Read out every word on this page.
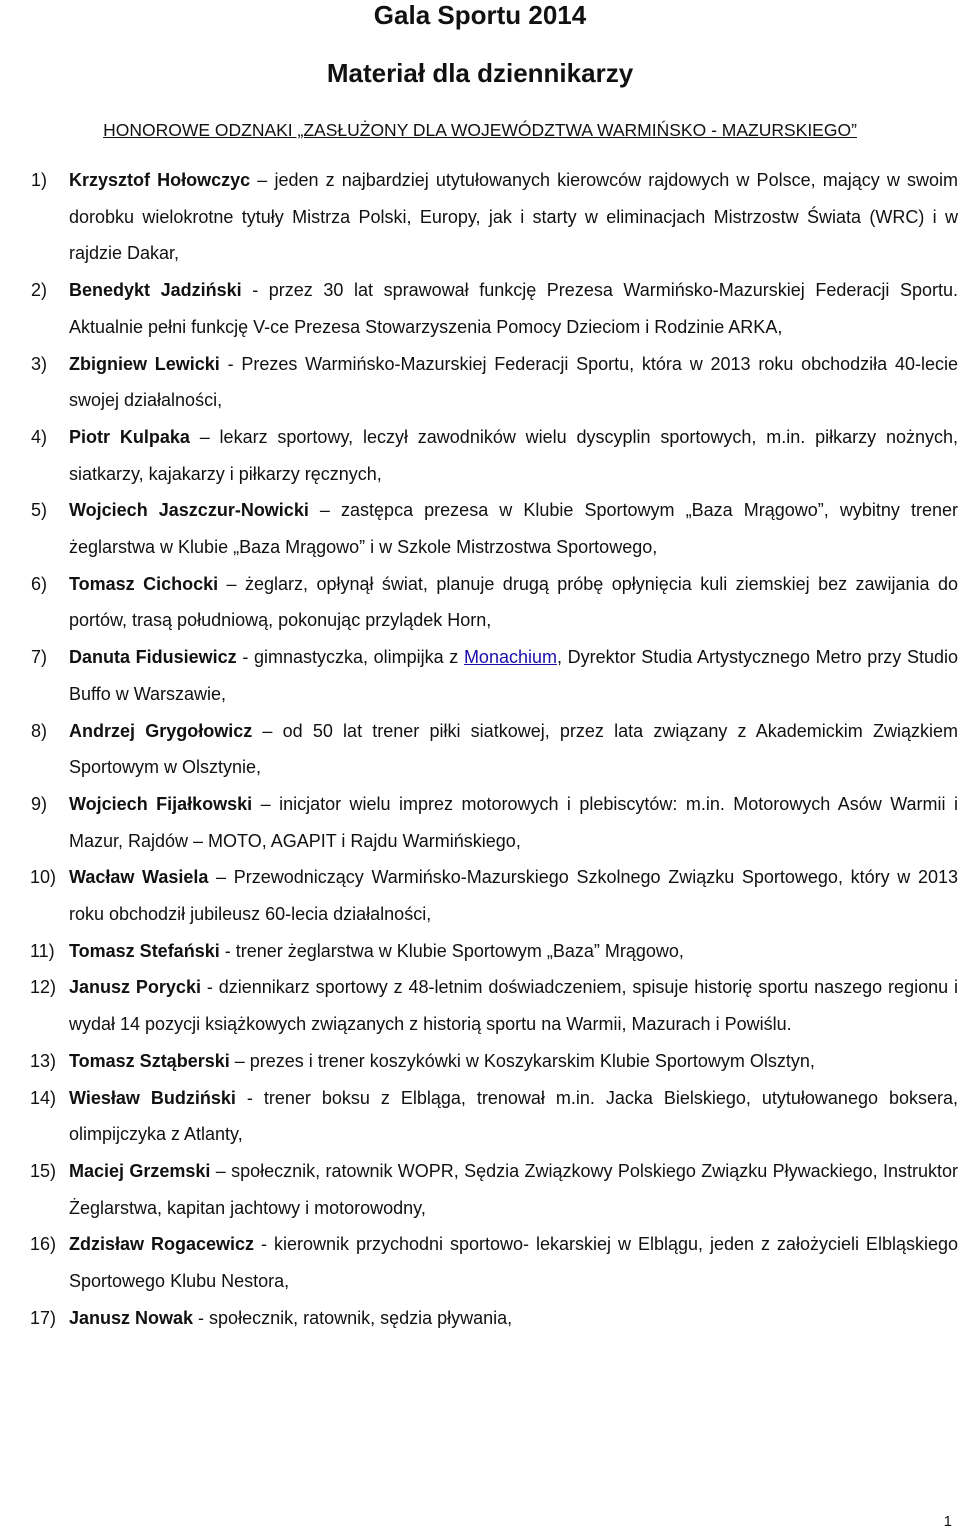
Gala Sportu 2014
Materiał dla dziennikarzy

HONOROWE ODZNAKI „ZASŁUŻONY DLA WOJEWÓDZTWA WARMIŃSKO - MAZURSKIEGO”

1) Krzysztof Hołowczyc – jeden z najbardziej utytułowanych kierowców rajdowych w Polsce, mający w swoim dorobku wielokrotne tytuły Mistrza Polski, Europy, jak i starty w eliminacjach Mistrzostw Świata (WRC) i w rajdzie Dakar,
2) Benedykt Jadziński - przez 30 lat sprawował funkcję Prezesa Warmińsko-Mazurskiej Federacji Sportu. Aktualnie pełni funkcję V-ce Prezesa Stowarzyszenia Pomocy Dzieciom i Rodzinie ARKA,
3) Zbigniew Lewicki - Prezes Warmińsko-Mazurskiej Federacji Sportu, która w 2013 roku obchodziła 40-lecie swojej działalności,
4) Piotr Kulpaka – lekarz sportowy, leczył zawodników wielu dyscyplin sportowych, m.in. piłkarzy nożnych, siatkarzy, kajakarzy i piłkarzy ręcznych,
5) Wojciech Jaszczur-Nowicki – zastępca prezesa w Klubie Sportowym „Baza Mrągowo”, wybitny trener żeglarstwa w Klubie „Baza Mrągowo” i w Szkole Mistrzostwa Sportowego,
6) Tomasz Cichocki – żeglarz, opłynął świat, planuje drugą próbę opłynięcia kuli ziemskiej bez zawijania do portów, trasą południową, pokonując przylądek Horn,
7) Danuta Fidusiewicz - gimnastyczka, olimpijka z Monachium, Dyrektor Studia Artystycznego Metro przy Studio Buffo w Warszawie,
8) Andrzej Grygołowicz – od 50 lat trener piłki siatkowej, przez lata związany z Akademickim Związkiem Sportowym w Olsztynie,
9) Wojciech Fijałkowski – inicjator wielu imprez motorowych i plebiscytów: m.in. Motorowych Asów Warmii i Mazur, Rajdów – MOTO, AGAPIT i Rajdu Warmińskiego,
10) Wacław Wasiela – Przewodniczący Warmińsko-Mazurskiego Szkolnego Związku Sportowego, który w 2013 roku obchodził jubileusz 60-lecia działalności,
11) Tomasz Stefański - trener żeglarstwa w Klubie Sportowym „Baza” Mrągowo,
12) Janusz Porycki - dziennikarz sportowy z 48-letnim doświadczeniem, spisuje historię sportu naszego regionu i wydał 14 pozycji książkowych związanych z historią sportu na Warmii, Mazurach i Powiślu.
13) Tomasz Sztąberski – prezes i trener koszykówki w Koszykarskim Klubie Sportowym Olsztyn,
14) Wiesław Budziński - trener boksu z Elbląga, trenował m.in. Jacka Bielskiego, utytułowanego boksera, olimpijczyka z Atlanty,
15) Maciej Grzemski – społecznik, ratownik WOPR, Sędzia Związkowy Polskiego Związku Pływackiego, Instruktor Żeglarstwa, kapitan jachtowy i motorowodny,
16) Zdzisław Rogacewicz - kierownik przychodni sportowo- lekarskiej w Elblągu, jeden z założycieli Elbląskiego Sportowego Klubu Nestora,
17) Janusz Nowak - społecznik, ratownik, sędzia pływania,
1
